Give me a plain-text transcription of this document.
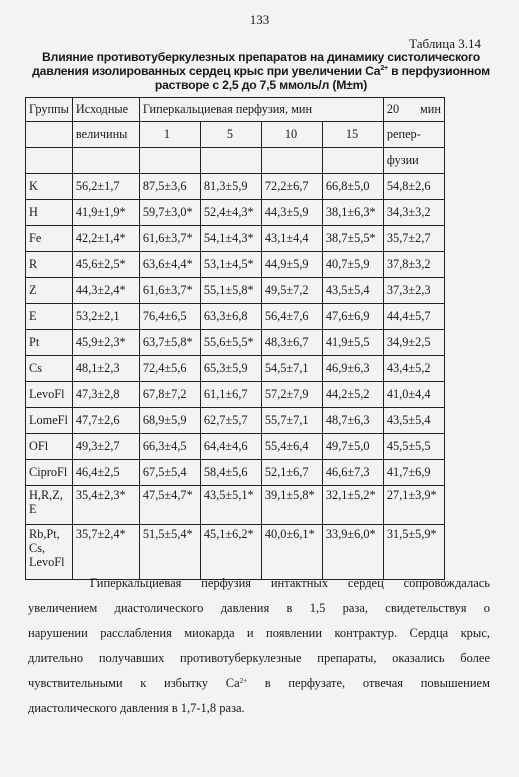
133
Таблица 3.14
Влияние противотуберкулезных препаратов на динамику систолического
давления изолированных сердец крыс при увеличении $Ca^{2+}$ в перфузионном
растворе с 2,5 до 7,5 ммоль/л (M±m)
Группы	Исходные	Гиперкальциевая перфузия, мин				20 мин

	величины	1	5	10	15	репер-
						фузии
K	56,2±1,7	87,5±3,6	81,3±5,9	72,2±6,7	66,8±5,0	54,8±2,6
H	41,9±1,9*	59,7±3,0*	52,4±4,3*	44,3±5,9	38,1±6,3*	34,3±3,2
Fe	42,2±1,4*	61,6±3,7*	54,1±4,3*	43,1±4,4	38,7±5,5*	35,7±2,7
R	45,6±2,5*	63,6±4,4*	53,1±4,5*	44,9±5,9	40,7±5,9	37,8±3,2
Z	44,3±2,4*	61,6±3,7*	55,1±5,8*	49,5±7,2	43,5±5,4	37,3±2,3
E	53,2±2,1	76,4±6,5	63,3±6,8	56,4±7,6	47,6±6,9	44,4±5,7
Pt	45,9±2,3*	63,7±5,8*	55,6±5,5*	48,3±6,7	41,9±5,5	34,9±2,5
Cs	48,1±2,3	72,4±5,6	65,3±5,9	54,5±7,1	46,9±6,3	43,4±5,2
LevoFl	47,3±2,8	67,8±7,2	61,1±6,7	57,2±7,9	44,2±5,2	41,0±4,4
LomeFl	47,7±2,6	68,9±5,9	62,7±5,7	55,7±7,1	48,7±6,3	43,5±5,4
OFl	49,3±2,7	66,3±4,5	64,4±4,6	55,4±6,4	49,7±5,0	45,5±5,5
CiproFl	46,4±2,5	67,5±5,4	58,4±5,6	52,1±6,7	46,6±7,3	41,7±6,9

H,R,Z,
E	35,4±2,3*	47,5±4,7*	43,5±5,1*	39,1±5,8*	32,1±5,2*	27,1±3,9*

Rb,Pt,
Cs,
LevoFl	35,7±2,4*	51,5±5,4*	45,1±6,2*	40,0±6,1*	33,9±6,0*	31,5±5,9*
Гиперкальциевая перфузия интактных сердец сопровождалась
увеличением диастолического давления в 1,5 раза, свидетельствуя о
нарушении расслабления миокарда и появлении контрактур. Сердца крыс,
длительно получавших противотуберкулезные препараты, оказались более
чувствительными к избытку $Ca^{2+}$ в перфузате, отвечая повышением
диастолического давления в 1,7-1,8 раза.
